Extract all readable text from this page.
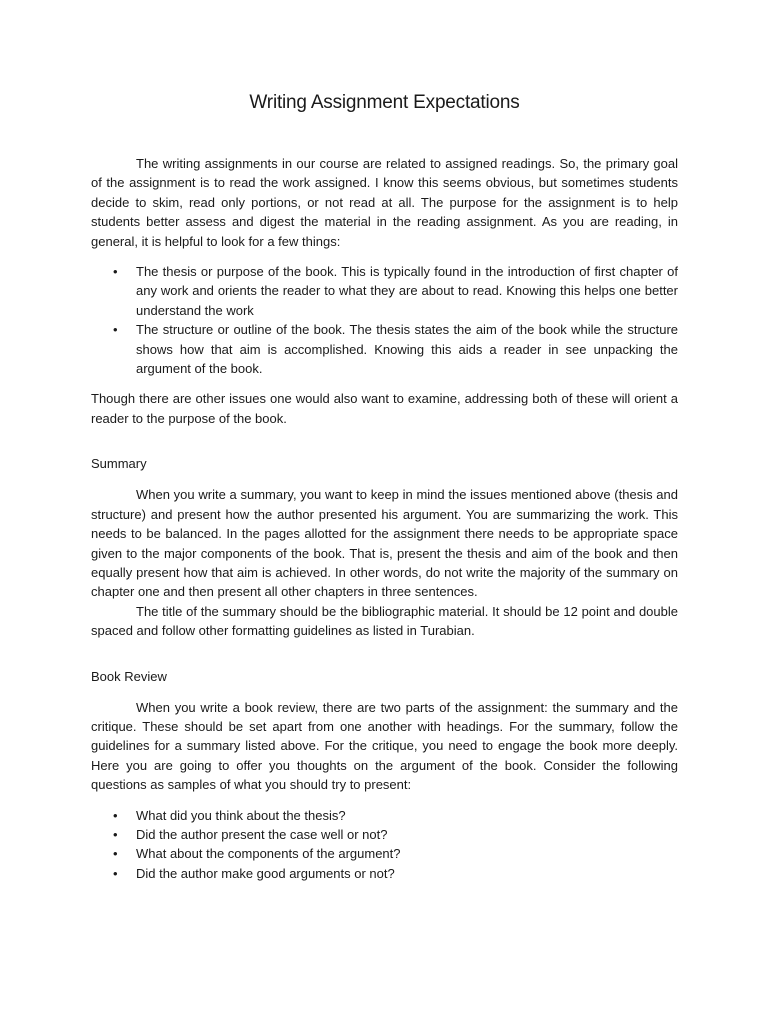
Writing Assignment Expectations

The writing assignments in our course are related to assigned readings. So, the primary goal of the assignment is to read the work assigned. I know this seems obvious, but sometimes students decide to skim, read only portions, or not read at all. The purpose for the assignment is to help students better assess and digest the material in the reading assignment. As you are reading, in general, it is helpful to look for a few things:

• The thesis or purpose of the book. This is typically found in the introduction of first chapter of any work and orients the reader to what they are about to read. Knowing this helps one better understand the work
• The structure or outline of the book. The thesis states the aim of the book while the structure shows how that aim is accomplished. Knowing this aids a reader in see unpacking the argument of the book.

Though there are other issues one would also want to examine, addressing both of these will orient a reader to the purpose of the book.

Summary

When you write a summary, you want to keep in mind the issues mentioned above (thesis and structure) and present how the author presented his argument. You are summarizing the work. This needs to be balanced. In the pages allotted for the assignment there needs to be appropriate space given to the major components of the book. That is, present the thesis and aim of the book and then equally present how that aim is achieved. In other words, do not write the majority of the summary on chapter one and then present all other chapters in three sentences.

The title of the summary should be the bibliographic material. It should be 12 point and double spaced and follow other formatting guidelines as listed in Turabian.

Book Review

When you write a book review, there are two parts of the assignment: the summary and the critique. These should be set apart from one another with headings. For the summary, follow the guidelines for a summary listed above. For the critique, you need to engage the book more deeply. Here you are going to offer you thoughts on the argument of the book. Consider the following questions as samples of what you should try to present:

• What did you think about the thesis?
• Did the author present the case well or not?
• What about the components of the argument?
• Did the author make good arguments or not?
